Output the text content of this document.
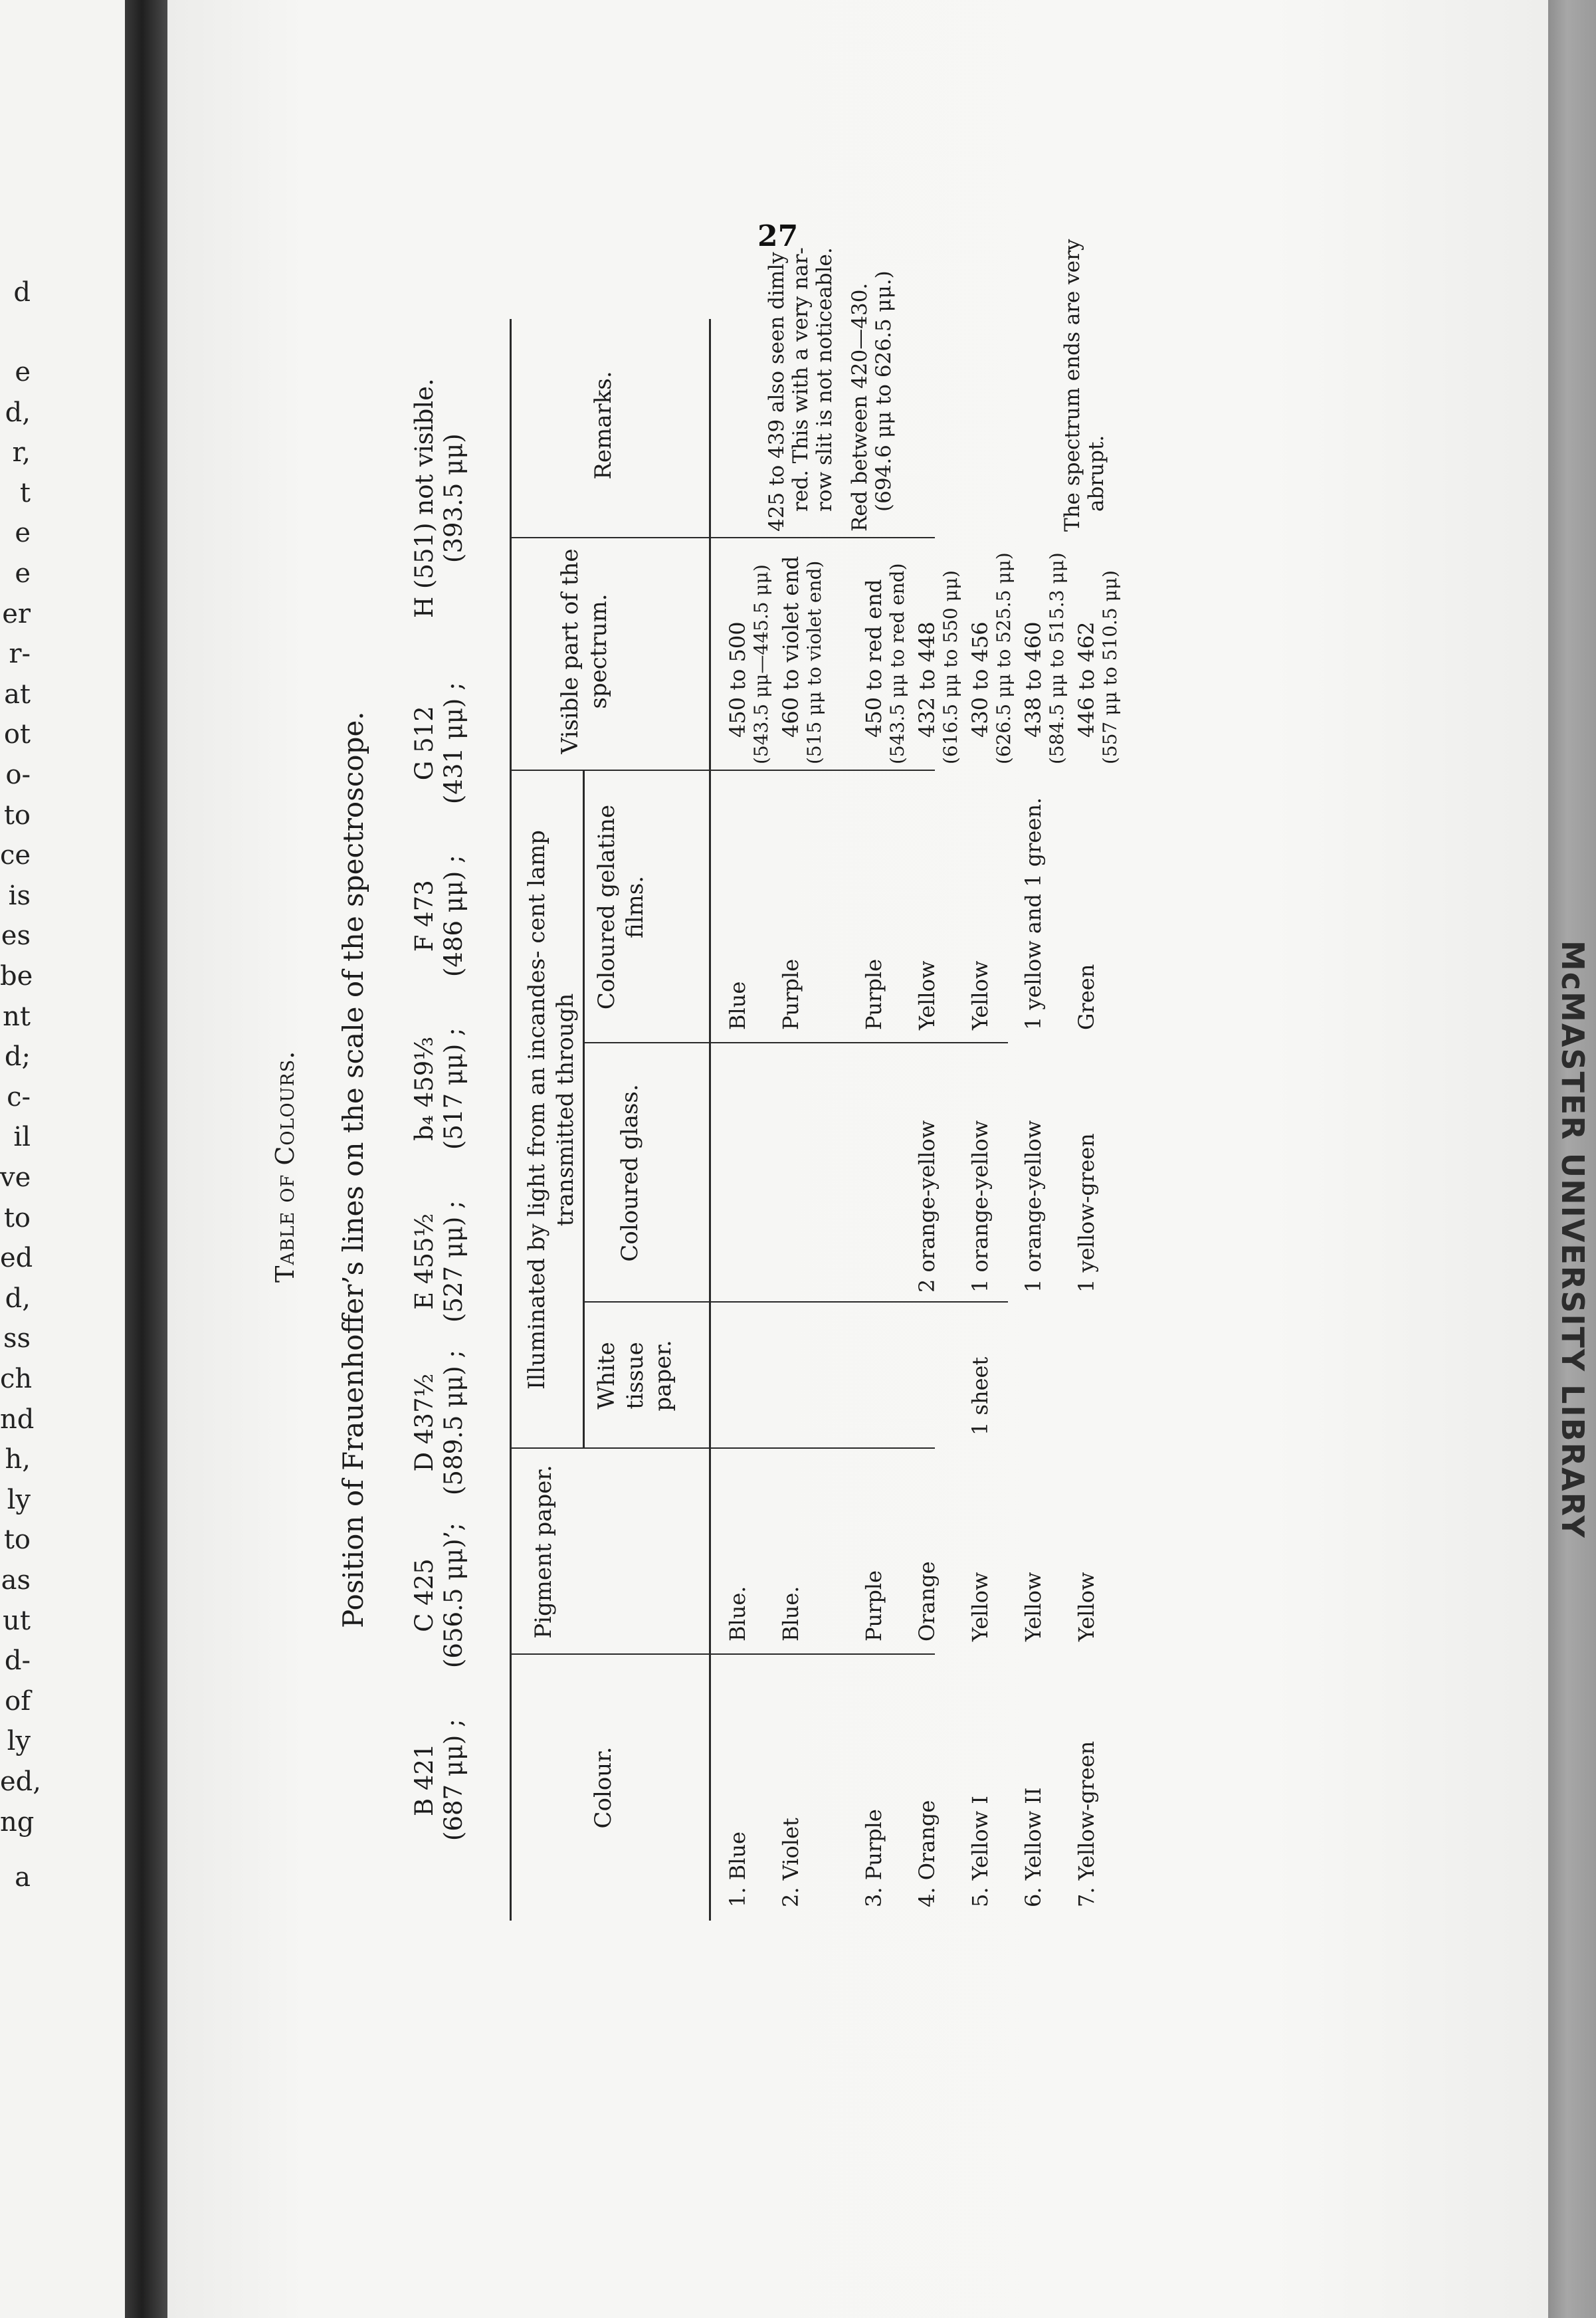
d
e
d,
r,
t
e
e
er
r-
at
ot
o-
to
ce
is
es
be
nt
d;
c-
il
ve
to
ed
d,
ss
ch
nd
h,
ly
to
as
ut
d-
of
ly
ed,
ng
a
McMASTER UNIVERSITY LIBRARY
27
Table of Colours. Position of Frauenhoffer’s lines on the scale of the spectroscope.
B 421 (687 μμ) ;
C 425 (656.5 μμ)’;
D 437½ (589.5 μμ) ;
E 455½ (527 μμ) ;
b₄ 459⅓ (517 μμ) ;
F 473 (486 μμ) ;
G 512 (431 μμ) ;
H (551) not visible. (393.5 μμ)
Colour.
Pigment paper.
Illuminated by light from an incandes- cent lamp transmitted through
White tissue paper.
Coloured glass.
Coloured gelatine films.
Visible part of the spectrum.
Remarks.
1. Blue
Blue.
Blue
450 to 500 (543.5 μμ—445.5 μμ)
2. Violet
Blue.
Purple
460 to violet end (515 μμ to violet end)
425 to 439 also seen dimly red. This with a very nar- row slit is not noticeable.
3. Purple
Purple
Purple
450 to red end (543.5 μμ to red end)
Red between 420—430. (694.6 μμ to 626.5 μμ.)
4. Orange
Orange
2 orange-yellow
Yellow
432 to 448 (616.5 μμ to 550 μμ)
5. Yellow I
Yellow
1 sheet
1 orange-yellow
Yellow
430 to 456 (626.5 μμ to 525.5 μμ)
6. Yellow II
Yellow
1 orange-yellow
1 yellow and 1 green.
438 to 460 (584.5 μμ to 515.3 μμ)
7. Yellow-green
Yellow
1 yellow-green
Green
446 to 462 (557 μμ to 510.5 μμ)
The spectrum ends are very abrupt.
